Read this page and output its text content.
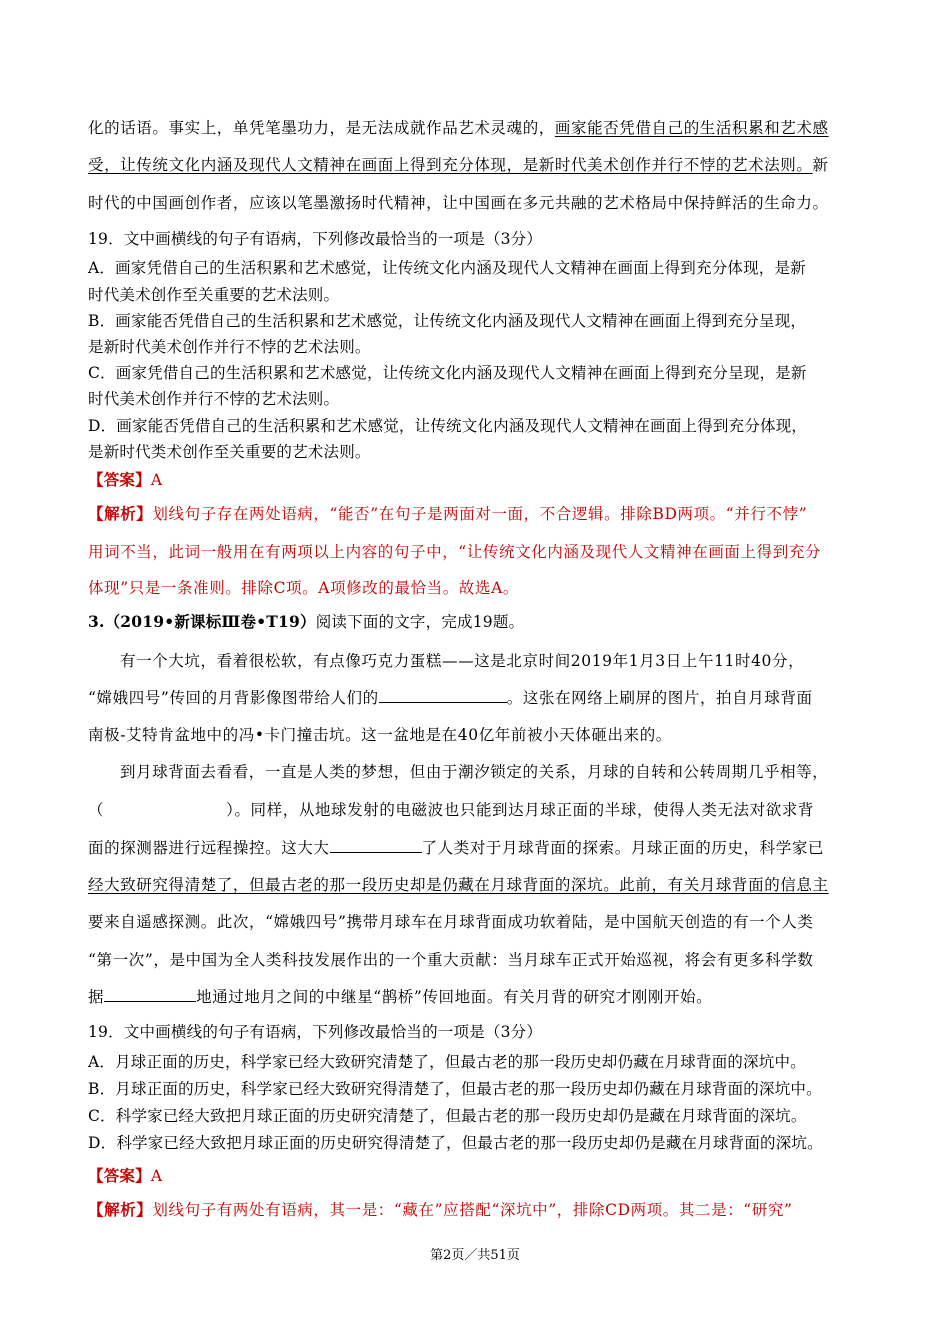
化的话语。事实上，单凭笔墨功力，是无法成就作品艺术灵魂的，画家能否凭借自己的生活积累和艺术感
受，让传统文化内涵及现代人文精神在画面上得到充分体现，是新时代美术创作并行不悖的艺术法则。新
时代的中国画创作者，应该以笔墨激扬时代精神，让中国画在多元共融的艺术格局中保持鲜活的生命力。
19．文中画横线的句子有语病，下列修改最恰当的一项是（3分）
A．画家凭借自己的生活积累和艺术感觉，让传统文化内涵及现代人文精神在画面上得到充分体现，是新
时代美术创作至关重要的艺术法则。
B．画家能否凭借自己的生活积累和艺术感觉，让传统文化内涵及现代人文精神在画面上得到充分呈现，
是新时代美术创作并行不悖的艺术法则。
C．画家凭借自己的生活积累和艺术感觉，让传统文化内涵及现代人文精神在画面上得到充分呈现，是新
时代美术创作并行不悖的艺术法则。
D．画家能否凭借自己的生活积累和艺术感觉，让传统文化内涵及现代人文精神在画面上得到充分体现，
是新时代类术创作至关重要的艺术法则。
【答案】A
【解析】划线句子存在两处语病，“能否”在句子是两面对一面，不合逻辑。排除BD两项。“并行不悖”
用词不当，此词一般用在有两项以上内容的句子中，“让传统文化内涵及现代人文精神在画面上得到充分
体现”只是一条准则。排除C项。A项修改的最恰当。故选A。
3.（2019•新课标Ⅲ卷•T19）阅读下面的文字，完成19题。
有一个大坑，看着很松软，有点像巧克力蛋糕——这是北京时间2019年1月3日上午11时40分，
“嫦娥四号”传回的月背影像图带给人们的	。这张在网络上刷屏的图片，拍自月球背面
南极-艾特肯盆地中的冯•卡门撞击坑。这一盆地是在40亿年前被小天体砸出来的。
到月球背面去看看，一直是人类的梦想，但由于潮汐锁定的关系，月球的自转和公转周期几乎相等，
（	）。同样，从地球发射的电磁波也只能到达月球正面的半球，使得人类无法对欲求背
面的探测器进行远程操控。这大大	了人类对于月球背面的探索。月球正面的历史，科学家已
经大致研究得清楚了，但最古老的那一段历史却是仍藏在月球背面的深坑。此前，有关月球背面的信息主
要来自遥感探测。此次，“嫦娥四号”携带月球车在月球背面成功软着陆，是中国航天创造的有一个人类
“第一次”，是中国为全人类科技发展作出的一个重大贡献：当月球车正式开始巡视，将会有更多科学数
据	地通过地月之间的中继星“鹊桥”传回地面。有关月背的研究才刚刚开始。
19．文中画横线的句子有语病，下列修改最恰当的一项是（3分）
A．月球正面的历史，科学家已经大致研究清楚了，但最古老的那一段历史却仍藏在月球背面的深坑中。
B．月球正面的历史，科学家已经大致研究得清楚了，但最古老的那一段历史却仍藏在月球背面的深坑中。
C．科学家已经大致把月球正面的历史研究清楚了，但最古老的那一段历史却仍是藏在月球背面的深坑。
D．科学家已经大致把月球正面的历史研究得清楚了，但最古老的那一段历史却仍是藏在月球背面的深坑。
【答案】A
【解析】划线句子有两处有语病，其一是：“藏在”应搭配“深坑中”，排除CD两项。其二是：“研究”
第2页／共51页
